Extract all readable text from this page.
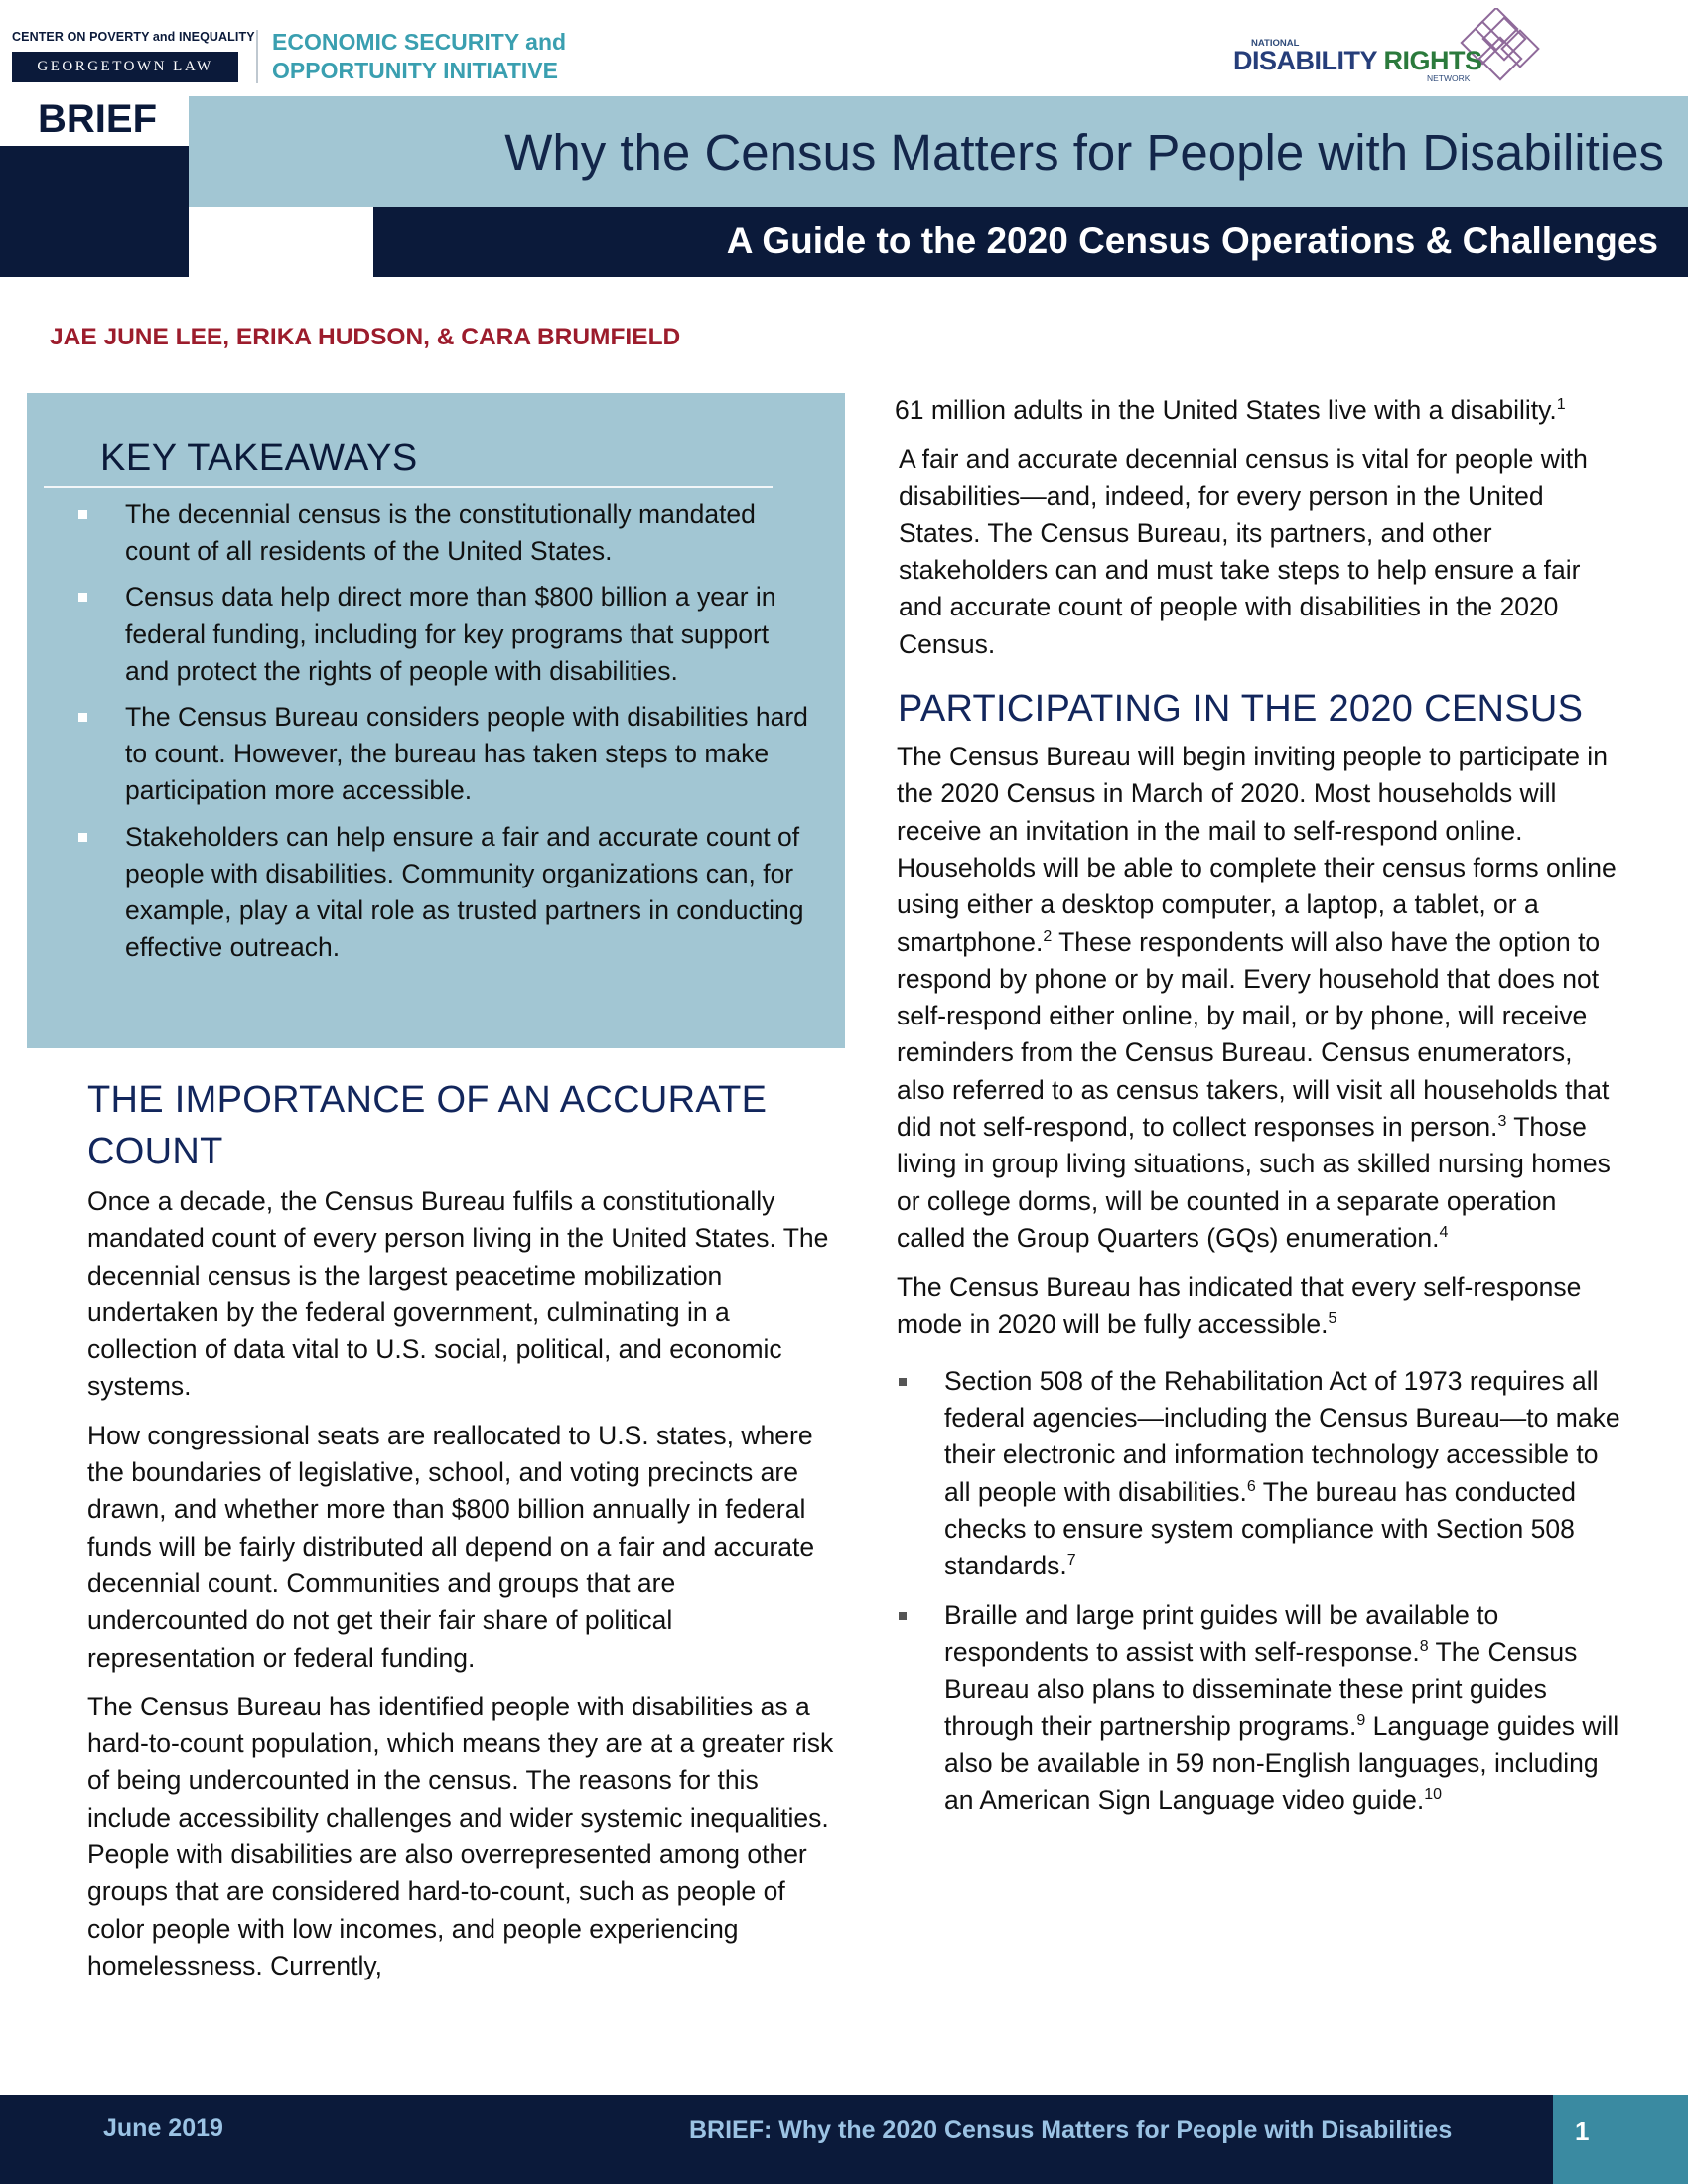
CENTER ON POVERTY and INEQUALITY
GEORGETOWN LAW
ECONOMIC SECURITY and
OPPORTUNITY INITIATIVE
NATIONAL
DISABILITY RIGHTS
NETWORK
BRIEF
Why the Census Matters for People with Disabilities
A Guide to the 2020 Census Operations & Challenges
JAE JUNE LEE, ERIKA HUDSON, & CARA BRUMFIELD
KEY TAKEAWAYS
The decennial census is the constitutionally mandated count of all residents of the United States.
Census data help direct more than $800 billion a year in federal funding, including for key programs that support and protect the rights of people with disabilities.
The Census Bureau considers people with disabilities hard to count. However, the bureau has taken steps to make participation more accessible.
Stakeholders can help ensure a fair and accurate count of people with disabilities. Community organizations can, for example, play a vital role as trusted partners in conducting effective outreach.
THE IMPORTANCE OF AN ACCURATE COUNT

Once a decade, the Census Bureau fulfils a constitutionally mandated count of every person living in the United States. The decennial census is the largest peacetime mobilization undertaken by the federal government, culminating in a collection of data vital to U.S. social, political, and economic systems.

How congressional seats are reallocated to U.S. states, where the boundaries of legislative, school, and voting precincts are drawn, and whether more than $800 billion annually in federal funds will be fairly distributed all depend on a fair and accurate decennial count. Communities and groups that are undercounted do not get their fair share of political representation or federal funding.

The Census Bureau has identified people with disabilities as a hard-to-count population, which means they are at a greater risk of being undercounted in the census. The reasons for this include accessibility challenges and wider systemic inequalities. People with disabilities are also overrepresented among other groups that are considered hard-to-count, such as people of color people with low incomes, and people experiencing homelessness. Currently,

61 million adults in the United States live with a disability.$^1$

A fair and accurate decennial census is vital for people with disabilities—and, indeed, for every person in the United States. The Census Bureau, its partners, and other stakeholders can and must take steps to help ensure a fair and accurate count of people with disabilities in the 2020 Census.

PARTICIPATING IN THE 2020 CENSUS

The Census Bureau will begin inviting people to participate in the 2020 Census in March of 2020. Most households will receive an invitation in the mail to self-respond online. Households will be able to complete their census forms online using either a desktop computer, a laptop, a tablet, or a smartphone.$^2$ These respondents will also have the option to respond by phone or by mail. Every household that does not self-respond either online, by mail, or by phone, will receive reminders from the Census Bureau. Census enumerators, also referred to as census takers, will visit all households that did not self-respond, to collect responses in person.$^3$ Those living in group living situations, such as skilled nursing homes or college dorms, will be counted in a separate operation called the Group Quarters (GQs) enumeration.$^4$

The Census Bureau has indicated that every self-response mode in 2020 will be fully accessible.$^5$

Section 508 of the Rehabilitation Act of 1973 requires all federal agencies—including the Census Bureau—to make their electronic and information technology accessible to all people with disabilities.$^6$ The bureau has conducted checks to ensure system compliance with Section 508 standards.$^7$
Braille and large print guides will be available to respondents to assist with self-response.$^8$ The Census Bureau also plans to disseminate these print guides through their partnership programs.$^9$ Language guides will also be available in 59 non-English languages, including an American Sign Language video guide.$^{10}$
June 2019	BRIEF: Why the 2020 Census Matters for People with Disabilities	1
